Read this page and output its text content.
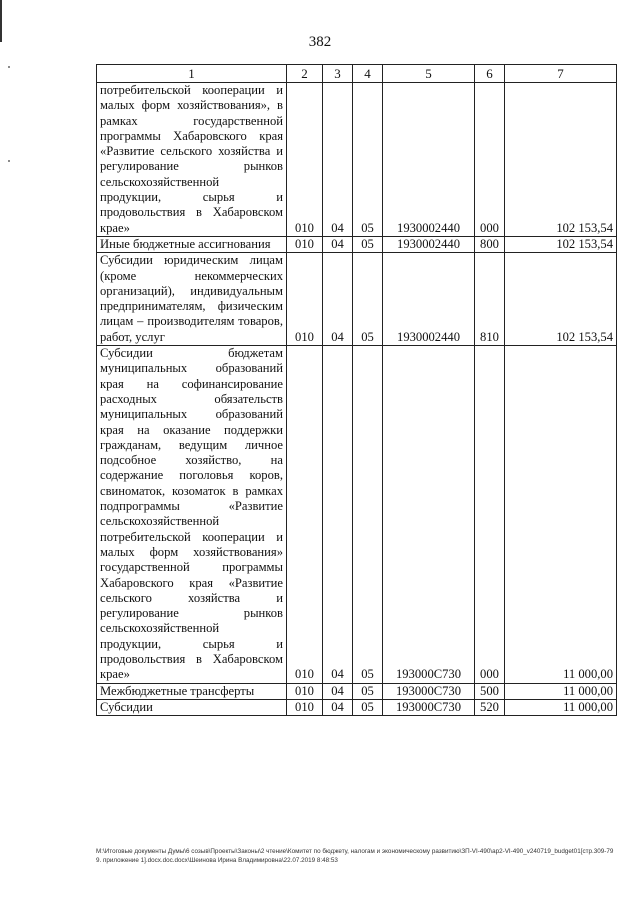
382
1	2	3	4	5	6	7
потребительской кооперации и малых форм хозяйствования», в рамках государственной программы Хабаровского края «Развитие сельского хозяйства и регулирование рынков сельскохозяйственной продукции, сырья и продовольствия в Хабаровском крае»	010	04	05	1930002440	000	102 153,54
Иные бюджетные ассигнования	010	04	05	1930002440	800	102 153,54
Субсидии юридическим лицам (кроме некоммерческих организаций), индивидуальным предпринимателям, физическим лицам – производителям товаров, работ, услуг	010	04	05	1930002440	810	102 153,54
Субсидии бюджетам муниципальных образований края на софинансирование расходных обязательств муниципальных образований края на оказание поддержки гражданам, ведущим личное подсобное хозяйство, на содержание поголовья коров, свиноматок, козоматок в рамках подпрограммы «Развитие сельскохозяйственной потребительской кооперации и малых форм хозяйствования» государственной программы Хабаровского края «Развитие сельского хозяйства и регулирование рынков сельскохозяйственной продукции, сырья и продовольствия в Хабаровском крае»	010	04	05	193000С730	000	11 000,00
Межбюджетные трансферты	010	04	05	193000С730	500	11 000,00
Субсидии	010	04	05	193000С730	520	11 000,00
M:\Итоговые документы Думы\6 созыв\Проекты\Законы\2 чтение\Комитет по бюджету, налогам и экономическому развитию\ЗП-VI-490\ap2-VI-490_v240719_budget01[стр.309-799. приложение 1].docx.doc.docx\Шеинова Ирина Владимировна\22.07.2019 8:48:53
